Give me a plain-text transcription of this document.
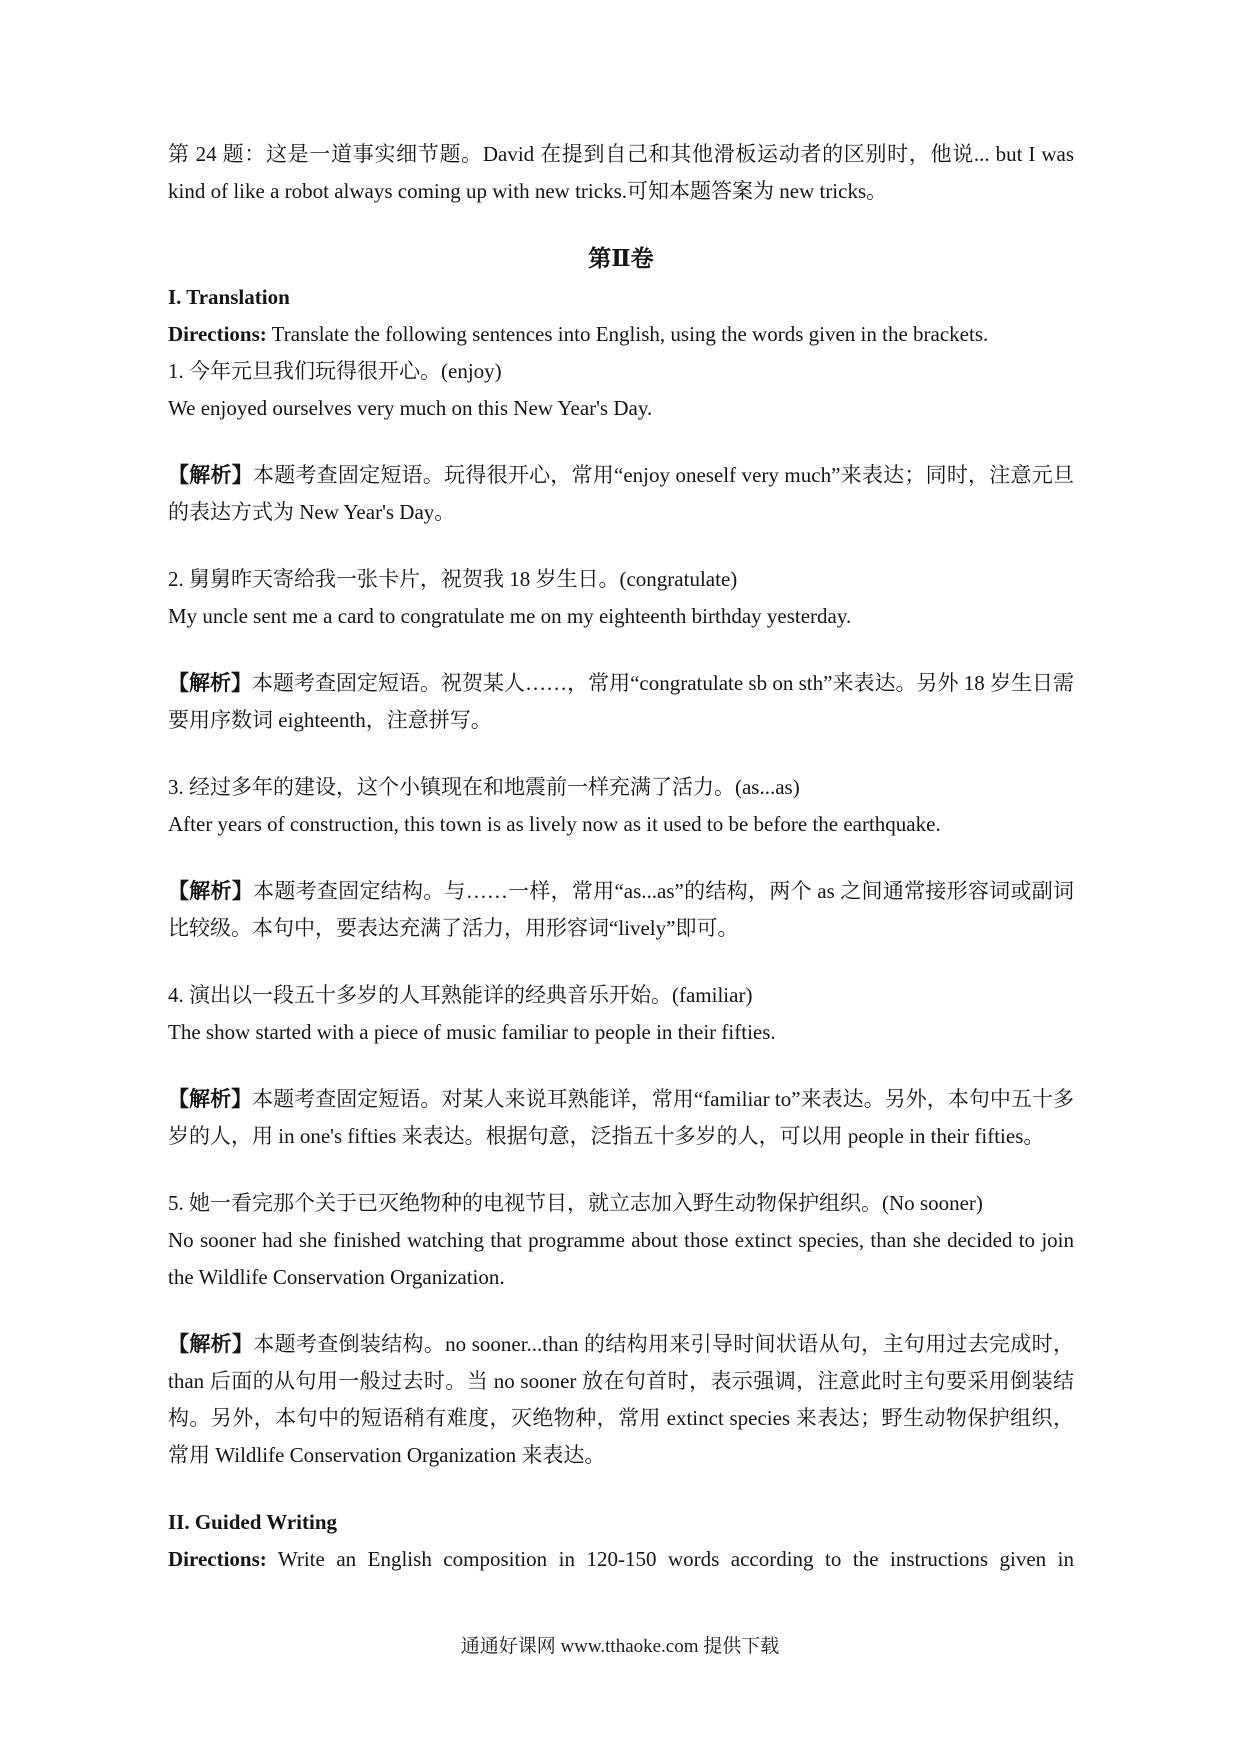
第 24 题：这是一道事实细节题。David 在提到自己和其他滑板运动者的区别时，他说... but I was kind of like a robot always coming up with new tricks.可知本题答案为 new tricks。

第Ⅱ卷

I. Translation

Directions: Translate the following sentences into English, using the words given in the brackets.

1. 今年元旦我们玩得很开心。(enjoy)

We enjoyed ourselves very much on this New Year's Day.

【解析】本题考查固定短语。玩得很开心，常用“enjoy oneself very much”来表达；同时，注意元旦的表达方式为 New Year's Day。

2. 舅舅昨天寄给我一张卡片，祝贺我 18 岁生日。(congratulate)

My uncle sent me a card to congratulate me on my eighteenth birthday yesterday.

【解析】本题考查固定短语。祝贺某人……，常用“congratulate sb on sth”来表达。另外 18 岁生日需要用序数词 eighteenth，注意拼写。

3. 经过多年的建设，这个小镇现在和地震前一样充满了活力。(as...as)

After years of construction, this town is as lively now as it used to be before the earthquake.

【解析】本题考查固定结构。与……一样，常用“as...as”的结构，两个 as 之间通常接形容词或副词比较级。本句中，要表达充满了活力，用形容词“lively”即可。

4. 演出以一段五十多岁的人耳熟能详的经典音乐开始。(familiar)

The show started with a piece of music familiar to people in their fifties.

【解析】本题考查固定短语。对某人来说耳熟能详，常用“familiar to”来表达。另外，本句中五十多岁的人，用 in one's fifties 来表达。根据句意，泛指五十多岁的人，可以用 people in their fifties。

5. 她一看完那个关于已灭绝物种的电视节目，就立志加入野生动物保护组织。(No sooner)

No sooner had she finished watching that programme about those extinct species, than she decided to join the Wildlife Conservation Organization.

【解析】本题考查倒装结构。no sooner...than 的结构用来引导时间状语从句，主句用过去完成时，than 后面的从句用一般过去时。当 no sooner 放在句首时，表示强调，注意此时主句要采用倒装结构。另外，本句中的短语稍有难度，灭绝物种，常用 extinct species 来表达；野生动物保护组织，常用 Wildlife Conservation Organization 来表达。

II. Guided Writing

Directions: Write an English composition in 120-150 words according to the instructions given in

通通好课网 www.tthaoke.com 提供下载
